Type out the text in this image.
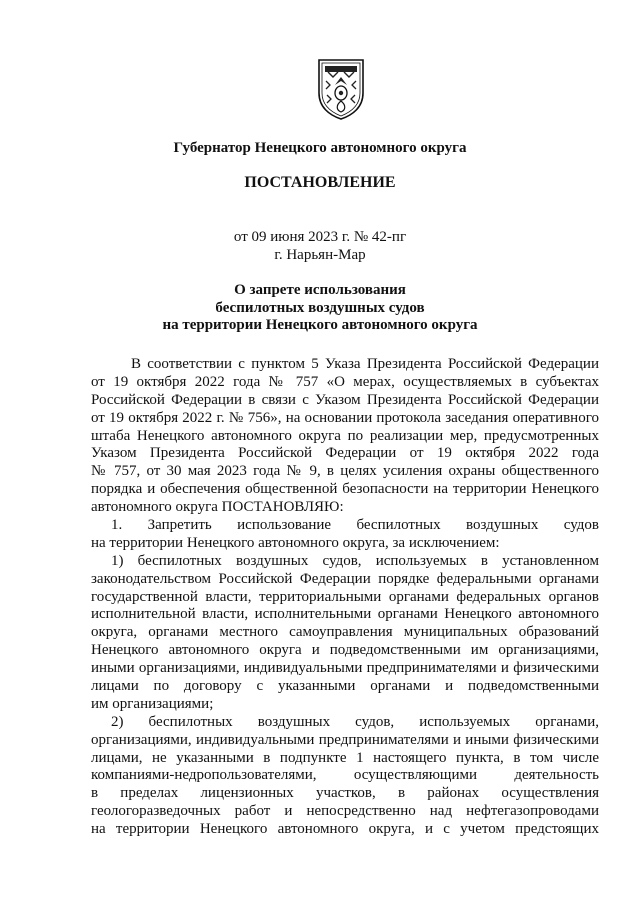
Губернатор Ненецкого автономного округа
ПОСТАНОВЛЕНИЕ
от 09 июня 2023 г. № 42-пг
г. Нарьян-Мар
О запрете использования
беспилотных воздушных судов
на территории Ненецкого автономного округа
В соответствии с пунктом 5 Указа Президента Российской Федерации
от 19 октября 2022 года № 757 «О мерах, осуществляемых в субъектах
Российской Федерации в связи с Указом Президента Российской Федерации
от 19 октября 2022 г. № 756», на основании протокола заседания оперативного
штаба Ненецкого автономного округа по реализации мер, предусмотренных
Указом Президента Российской Федерации от 19 октября 2022 года
№ 757, от 30 мая 2023 года № 9, в целях усиления охраны общественного
порядка и обеспечения общественной безопасности на территории Ненецкого
автономного округа ПОСТАНОВЛЯЮ:
1. Запретить использование беспилотных воздушных судов
на территории Ненецкого автономного округа, за исключением:
1) беспилотных воздушных судов, используемых в установленном
законодательством Российской Федерации порядке федеральными органами
государственной власти, территориальными органами федеральных органов
исполнительной власти, исполнительными органами Ненецкого автономного
округа, органами местного самоуправления муниципальных образований
Ненецкого автономного округа и подведомственными им организациями,
иными организациями, индивидуальными предпринимателями и физическими
лицами по договору с указанными органами и подведомственными
им организациями;
2) беспилотных воздушных судов, используемых органами,
организациями, индивидуальными предпринимателями и иными физическими
лицами, не указанными в подпункте 1 настоящего пункта, в том числе
компаниями-недропользователями, осуществляющими деятельность
в пределах лицензионных участков, в районах осуществления
геологоразведочных работ и непосредственно над нефтегазопроводами
на территории Ненецкого автономного округа, и с учетом предстоящих
